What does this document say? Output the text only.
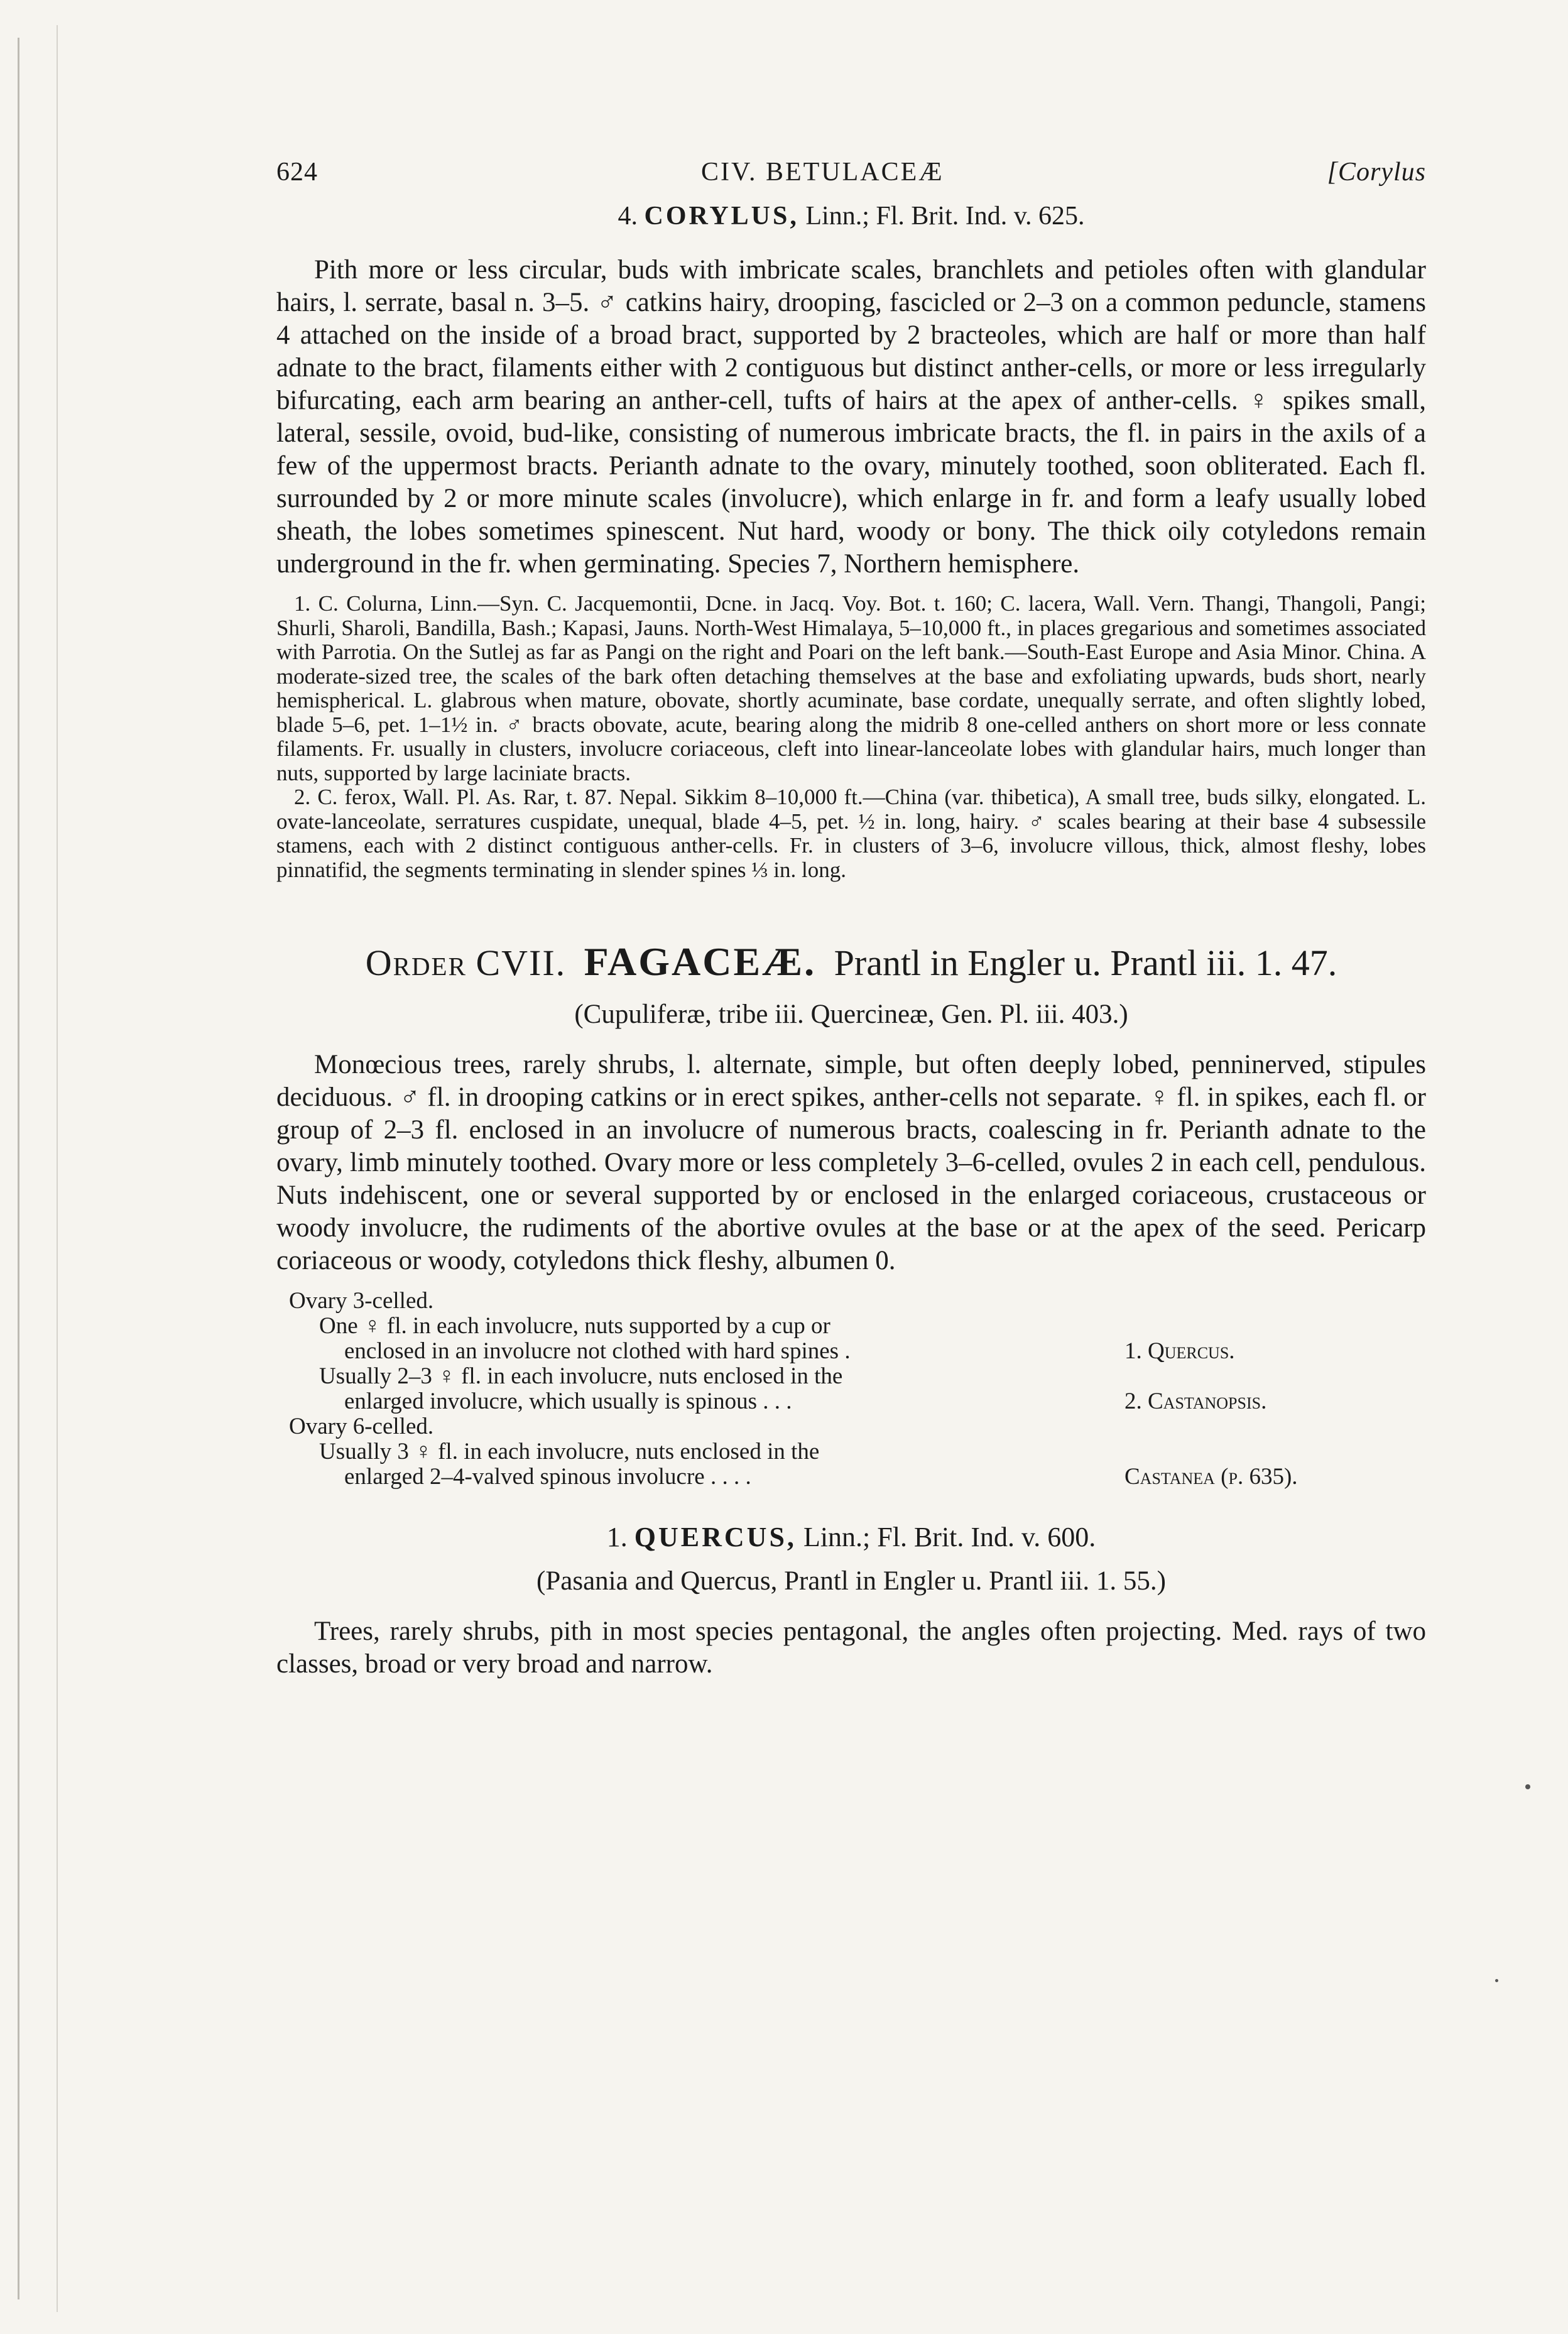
624	CIV. BETULACEÆ	[Corylus
4. CORYLUS, Linn.; Fl. Brit. Ind. v. 625.

Pith more or less circular, buds with imbricate scales, branchlets and petioles often with glandular hairs, l. serrate, basal n. 3–5. ♂ catkins hairy, drooping, fascicled or 2–3 on a common peduncle, stamens 4 attached on the inside of a broad bract, supported by 2 bracteoles, which are half or more than half adnate to the bract, filaments either with 2 contiguous but distinct anther-cells, or more or less irregularly bifurcating, each arm bearing an anther-cell, tufts of hairs at the apex of anther-cells. ♀ spikes small, lateral, sessile, ovoid, bud-like, consisting of numerous imbricate bracts, the fl. in pairs in the axils of a few of the uppermost bracts. Perianth adnate to the ovary, minutely toothed, soon obliterated. Each fl. surrounded by 2 or more minute scales (involucre), which enlarge in fr. and form a leafy usually lobed sheath, the lobes sometimes spinescent. Nut hard, woody or bony. The thick oily cotyledons remain underground in the fr. when germinating. Species 7, Northern hemisphere.

1. C. Colurna, Linn.—Syn. C. Jacquemontii, Dcne. in Jacq. Voy. Bot. t. 160; C. lacera, Wall. Vern. Thangi, Thangoli, Pangi; Shurli, Sharoli, Bandilla, Bash.; Kapasi, Jauns. North-West Himalaya, 5–10,000 ft., in places gregarious and sometimes associated with Parrotia. On the Sutlej as far as Pangi on the right and Poari on the left bank.—South-East Europe and Asia Minor. China. A moderate-sized tree, the scales of the bark often detaching themselves at the base and exfoliating upwards, buds short, nearly hemispherical. L. glabrous when mature, obovate, shortly acuminate, base cordate, unequally serrate, and often slightly lobed, blade 5–6, pet. 1–1½ in. ♂ bracts obovate, acute, bearing along the midrib 8 one-celled anthers on short more or less connate filaments. Fr. usually in clusters, involucre coriaceous, cleft into linear-lanceolate lobes with glandular hairs, much longer than nuts, supported by large laciniate bracts.

2. C. ferox, Wall. Pl. As. Rar, t. 87. Nepal. Sikkim 8–10,000 ft.—China (var. thibetica), A small tree, buds silky, elongated. L. ovate-lanceolate, serratures cuspidate, unequal, blade 4–5, pet. ½ in. long, hairy. ♂ scales bearing at their base 4 subsessile stamens, each with 2 distinct contiguous anther-cells. Fr. in clusters of 3–6, involucre villous, thick, almost fleshy, lobes pinnatifid, the segments terminating in slender spines ⅓ in. long.

Order CVII. FAGACEÆ. Prantl in Engler u. Prantl iii. 1. 47.
(Cupuliferæ, tribe iii. Quercineæ, Gen. Pl. iii. 403.)

Monœcious trees, rarely shrubs, l. alternate, simple, but often deeply lobed, penninerved, stipules deciduous. ♂ fl. in drooping catkins or in erect spikes, anther-cells not separate. ♀ fl. in spikes, each fl. or group of 2–3 fl. enclosed in an involucre of numerous bracts, coalescing in fr. Perianth adnate to the ovary, limb minutely toothed. Ovary more or less completely 3–6-celled, ovules 2 in each cell, pendulous. Nuts indehiscent, one or several supported by or enclosed in the enlarged coriaceous, crustaceous or woody involucre, the rudiments of the abortive ovules at the base or at the apex of the seed. Pericarp coriaceous or woody, cotyledons thick fleshy, albumen 0.

Ovary 3-celled.
One ♀ fl. in each involucre, nuts supported by a cup or
enclosed in an involucre not clothed with hard spines .	1. Quercus.
Usually 2–3 ♀ fl. in each involucre, nuts enclosed in the
enlarged involucre, which usually is spinous . . .	2. Castanopsis.
Ovary 6-celled.
Usually 3 ♀ fl. in each involucre, nuts enclosed in the
enlarged 2–4-valved spinous involucre . . . .	Castanea (p. 635).
1. QUERCUS, Linn.; Fl. Brit. Ind. v. 600.
(Pasania and Quercus, Prantl in Engler u. Prantl iii. 1. 55.)

Trees, rarely shrubs, pith in most species pentagonal, the angles often projecting. Med. rays of two classes, broad or very broad and narrow.
